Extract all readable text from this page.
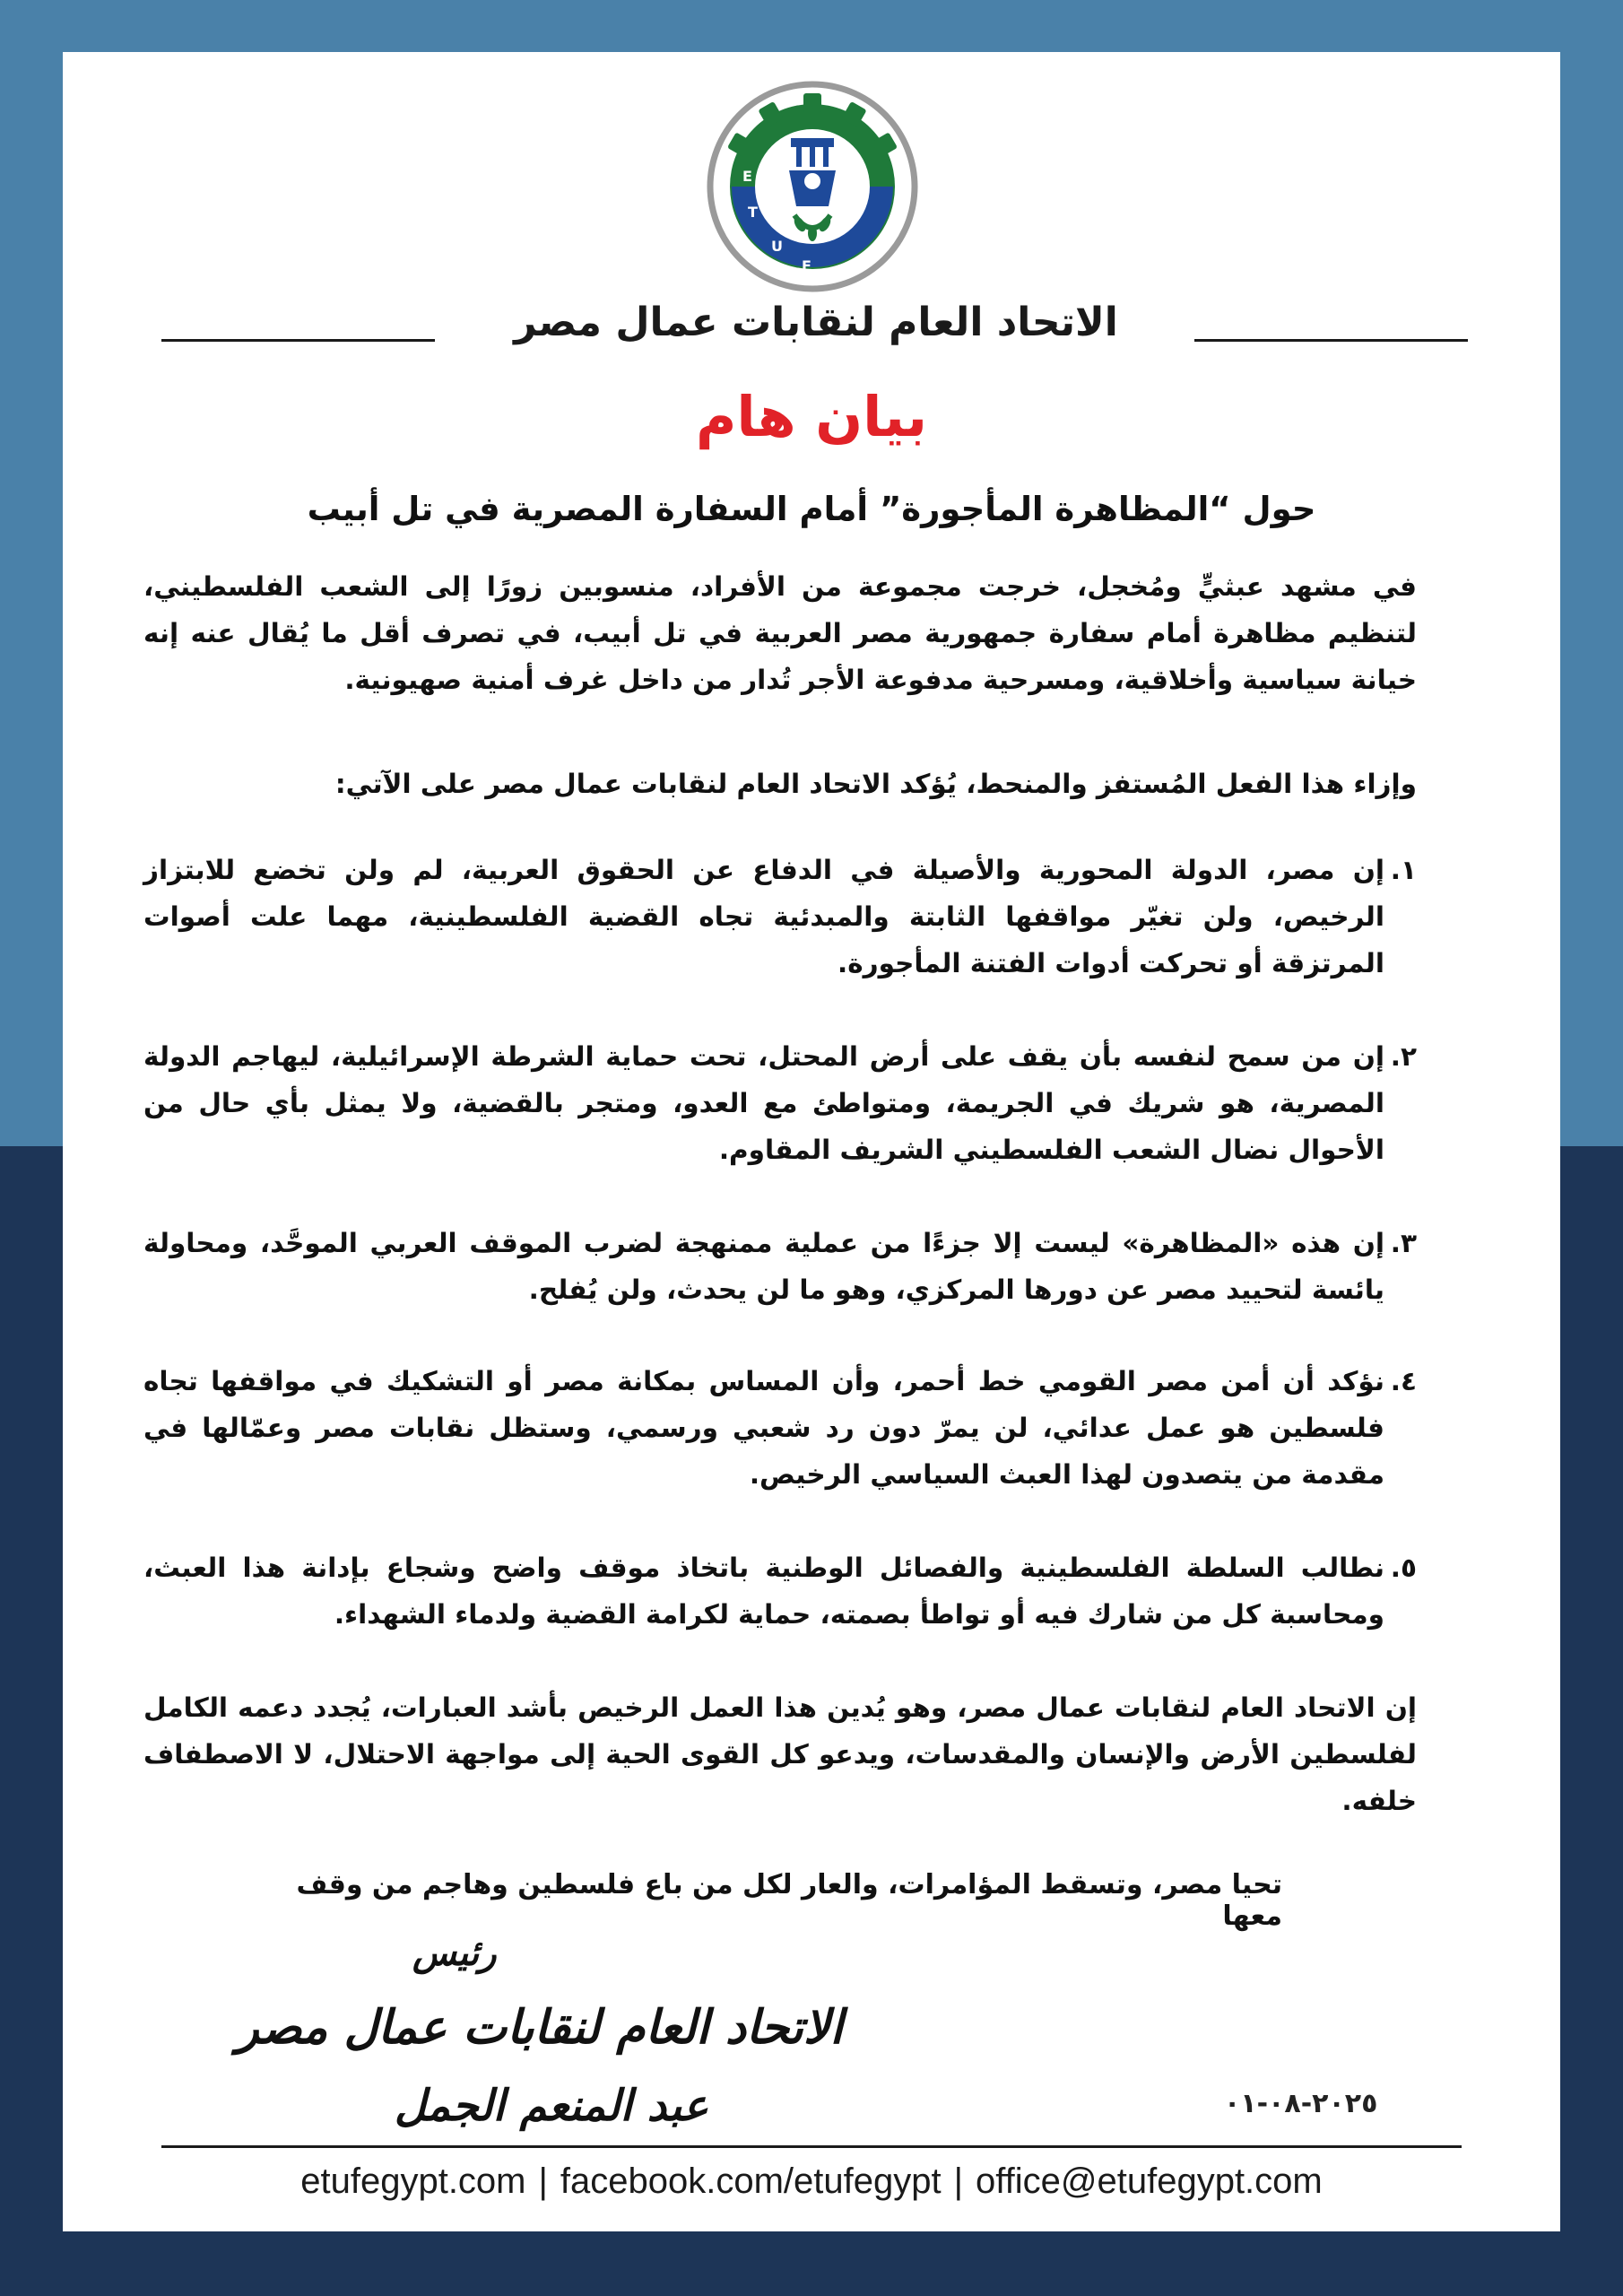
E
T
U
F
الاتحاد العام لنقابات عمال مصر
بيان هام
حول “المظاهرة المأجورة” أمام السفارة المصرية في تل أبيب

في مشهد عبثيٍّ ومُخجل، خرجت مجموعة من الأفراد، منسوبين زورًا إلى الشعب الفلسطيني، لتنظيم مظاهرة أمام سفارة جمهورية مصر العربية في تل أبيب، في تصرف أقل ما يُقال عنه إنه خيانة سياسية وأخلاقية، ومسرحية مدفوعة الأجر تُدار من داخل غرف أمنية صهيونية.

وإزاء هذا الفعل المُستفز والمنحط، يُؤكد الاتحاد العام لنقابات عمال مصر على الآتي:

١.
إن مصر، الدولة المحورية والأصيلة في الدفاع عن الحقوق العربية، لم ولن تخضع للابتزاز الرخيص، ولن تغيّر مواقفها الثابتة والمبدئية تجاه القضية الفلسطينية، مهما علت أصوات المرتزقة أو تحركت أدوات الفتنة المأجورة.
٢.
إن من سمح لنفسه بأن يقف على أرض المحتل، تحت حماية الشرطة الإسرائيلية، ليهاجم الدولة المصرية، هو شريك في الجريمة، ومتواطئ مع العدو، ومتجر بالقضية، ولا يمثل بأي حال من الأحوال نضال الشعب الفلسطيني الشريف المقاوم.
٣.
إن هذه «المظاهرة» ليست إلا جزءًا من عملية ممنهجة لضرب الموقف العربي الموحَّد، ومحاولة يائسة لتحييد مصر عن دورها المركزي، وهو ما لن يحدث، ولن يُفلح.
٤.
نؤكد أن أمن مصر القومي خط أحمر، وأن المساس بمكانة مصر أو التشكيك في مواقفها تجاه فلسطين هو عمل عدائي، لن يمرّ دون رد شعبي ورسمي، وستظل نقابات مصر وعمّالها في مقدمة من يتصدون لهذا العبث السياسي الرخيص.
٥.
نطالب السلطة الفلسطينية والفصائل الوطنية باتخاذ موقف واضح وشجاع بإدانة هذا العبث، ومحاسبة كل من شارك فيه أو تواطأ بصمته، حماية لكرامة القضية ولدماء الشهداء.

إن الاتحاد العام لنقابات عمال مصر، وهو يُدين هذا العمل الرخيص بأشد العبارات، يُجدد دعمه الكامل لفلسطين الأرض والإنسان والمقدسات، ويدعو كل القوى الحية إلى مواجهة الاحتلال، لا الاصطفاف خلفه.

تحيا مصر، وتسقط المؤامرات، والعار لكل من باع فلسطين وهاجم من وقف معها
رئيس
الاتحاد العام لنقابات عمال مصر
عبد المنعم الجمل	٢٠٢٥-٠٨-٠١
etufegypt.com | facebook.com/etufegypt | office@etufegypt.com
